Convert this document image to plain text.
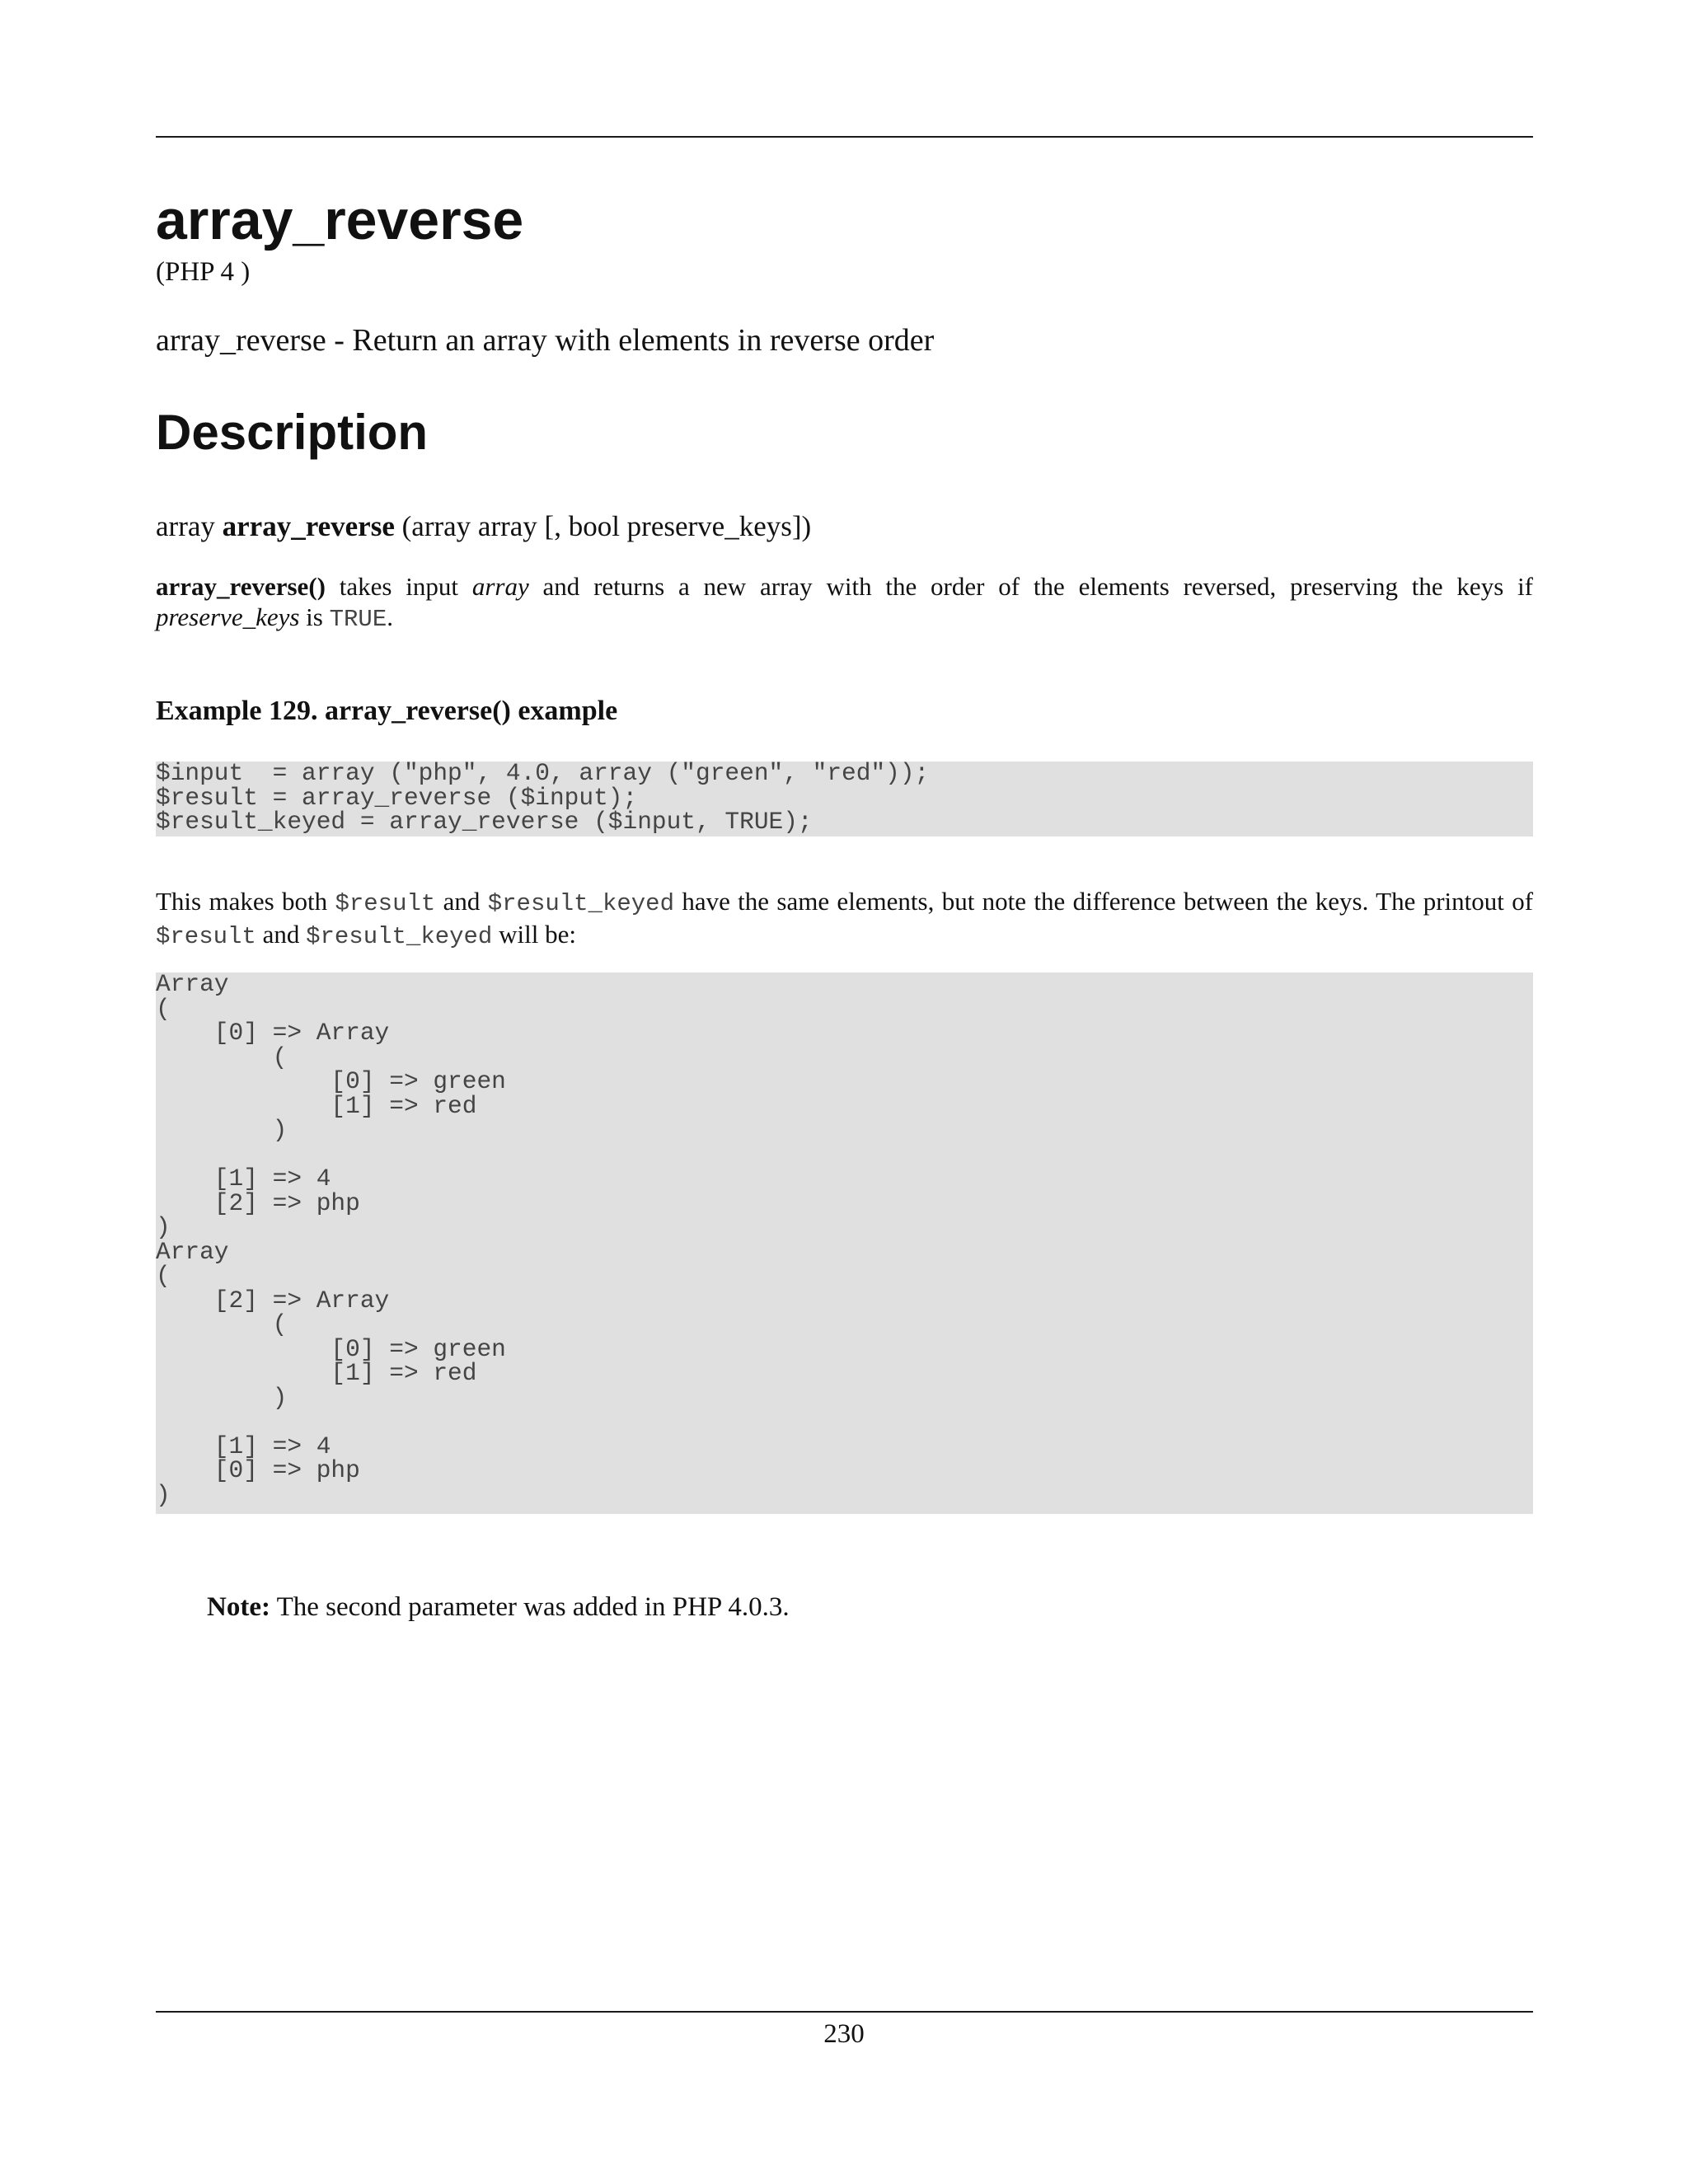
array_reverse
(PHP 4 )
array_reverse - Return an array with elements in reverse order
Description
array array_reverse (array array [, bool preserve_keys])
array_reverse() takes input array and returns a new array with the order of the elements reversed, preserving the keys if preserve_keys is TRUE.
Example 129. array_reverse() example
$input  = array ("php", 4.0, array ("green", "red"));
$result = array_reverse ($input);
$result_keyed = array_reverse ($input, TRUE);
This makes both $result and $result_keyed have the same elements, but note the difference between the keys. The printout of $result and $result_keyed will be:
Array
(
[0] => Array
(
[0] => green
[1] => red
)
[1] => 4
[2] => php
)
Array
(
[2] => Array
(
[0] => green
[1] => red
)
[1] => 4
[0] => php
)
Note: The second parameter was added in PHP 4.0.3.
230
